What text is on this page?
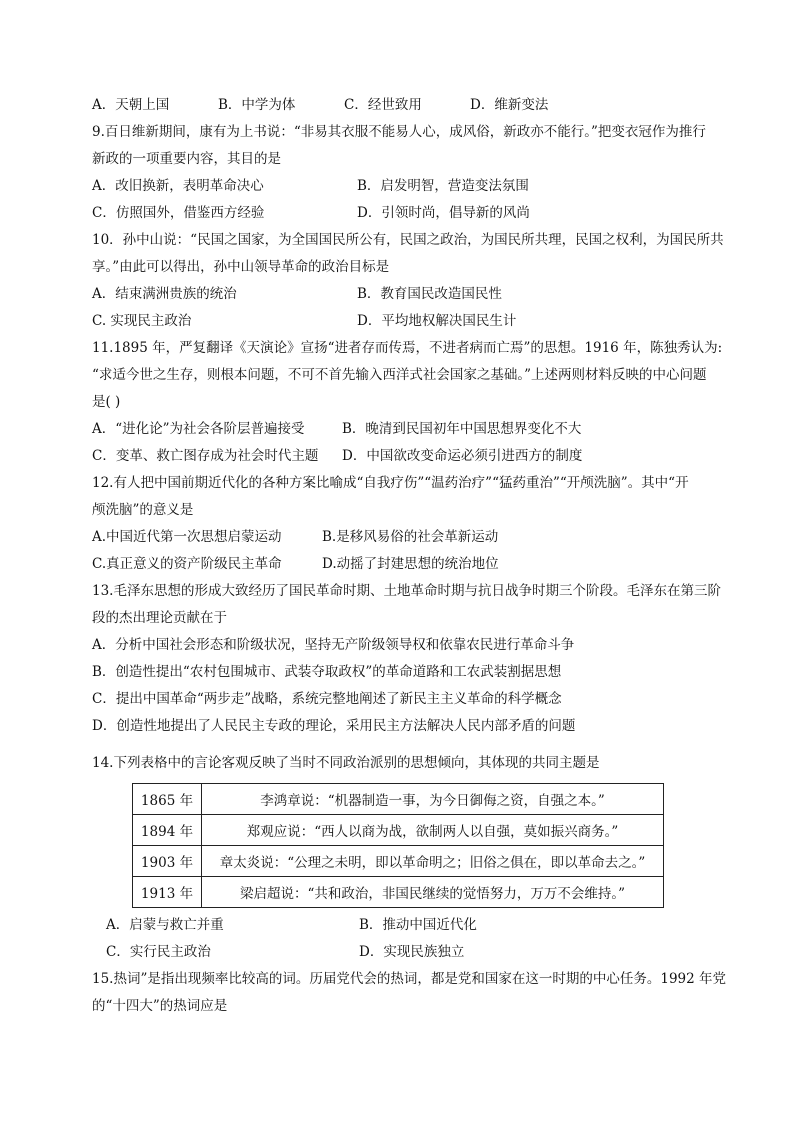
A．天朝上国	B．中学为体	C．经世致用	D．维新变法
9.百日维新期间，康有为上书说：“非易其衣服不能易人心，成风俗，新政亦不能行。”把变衣冠作为推行
新政的一项重要内容，其目的是
A．改旧换新，表明革命决心	B．启发明智，营造变法氛围
C．仿照国外，借鉴西方经验	D．引领时尚，倡导新的风尚
10．孙中山说：“民国之国家，为全国国民所公有，民国之政治，为国民所共理，民国之权利，为国民所共
享。”由此可以得出，孙中山领导革命的政治目标是
A．结束满洲贵族的统治	B．教育国民改造国民性
C. 实现民主政治	D．平均地权解决国民生计
11.1895 年，严复翻译《天演论》宣扬“进者存而传焉，不进者病而亡焉”的思想。1916 年，陈独秀认为:
“求适今世之生存，则根本问题，不可不首先输入西洋式社会国家之基础。”上述两则材料反映的中心问题
是( )
A．“进化论”为社会各阶层普遍接受	B．晚清到民国初年中国思想界变化不大
C．变革、救亡图存成为社会时代主题	D．中国欲改变命运必须引进西方的制度
12.有人把中国前期近代化的各种方案比喻成“自我疗伤”“温药治疗”“猛药重治”“开颅洗脑”。其中“开
颅洗脑”的意义是
A.中国近代第一次思想启蒙运动	B.是移风易俗的社会革新运动
C.真正意义的资产阶级民主革命	D.动摇了封建思想的统治地位
13.毛泽东思想的形成大致经历了国民革命时期、土地革命时期与抗日战争时期三个阶段。毛泽东在第三阶
段的杰出理论贡献在于
A．分析中国社会形态和阶级状况，坚持无产阶级领导权和依靠农民进行革命斗争
B．创造性提出“农村包围城市、武装夺取政权”的革命道路和工农武装割据思想
C．提出中国革命“两步走”战略，系统完整地阐述了新民主主义革命的科学概念
D．创造性地提出了人民民主专政的理论，采用民主方法解决人民内部矛盾的问题
14.下列表格中的言论客观反映了当时不同政治派别的思想倾向，其体现的共同主题是
1865 年	李鸿章说：“机器制造一事，为今日御侮之资，自强之本。”
1894 年	郑观应说：“西人以商为战，欲制两人以自强，莫如振兴商务。”
1903 年	章太炎说：“公理之未明，即以革命明之；旧俗之俱在，即以革命去之。”
1913 年	梁启超说：“共和政治，非国民继续的觉悟努力，万万不会维持。”
A．启蒙与救亡并重	B．推动中国近代化
C．实行民主政治	D．实现民族独立
15.热词”是指出现频率比较高的词。历届党代会的热词，都是党和国家在这一时期的中心任务。1992 年党
的“十四大”的热词应是
